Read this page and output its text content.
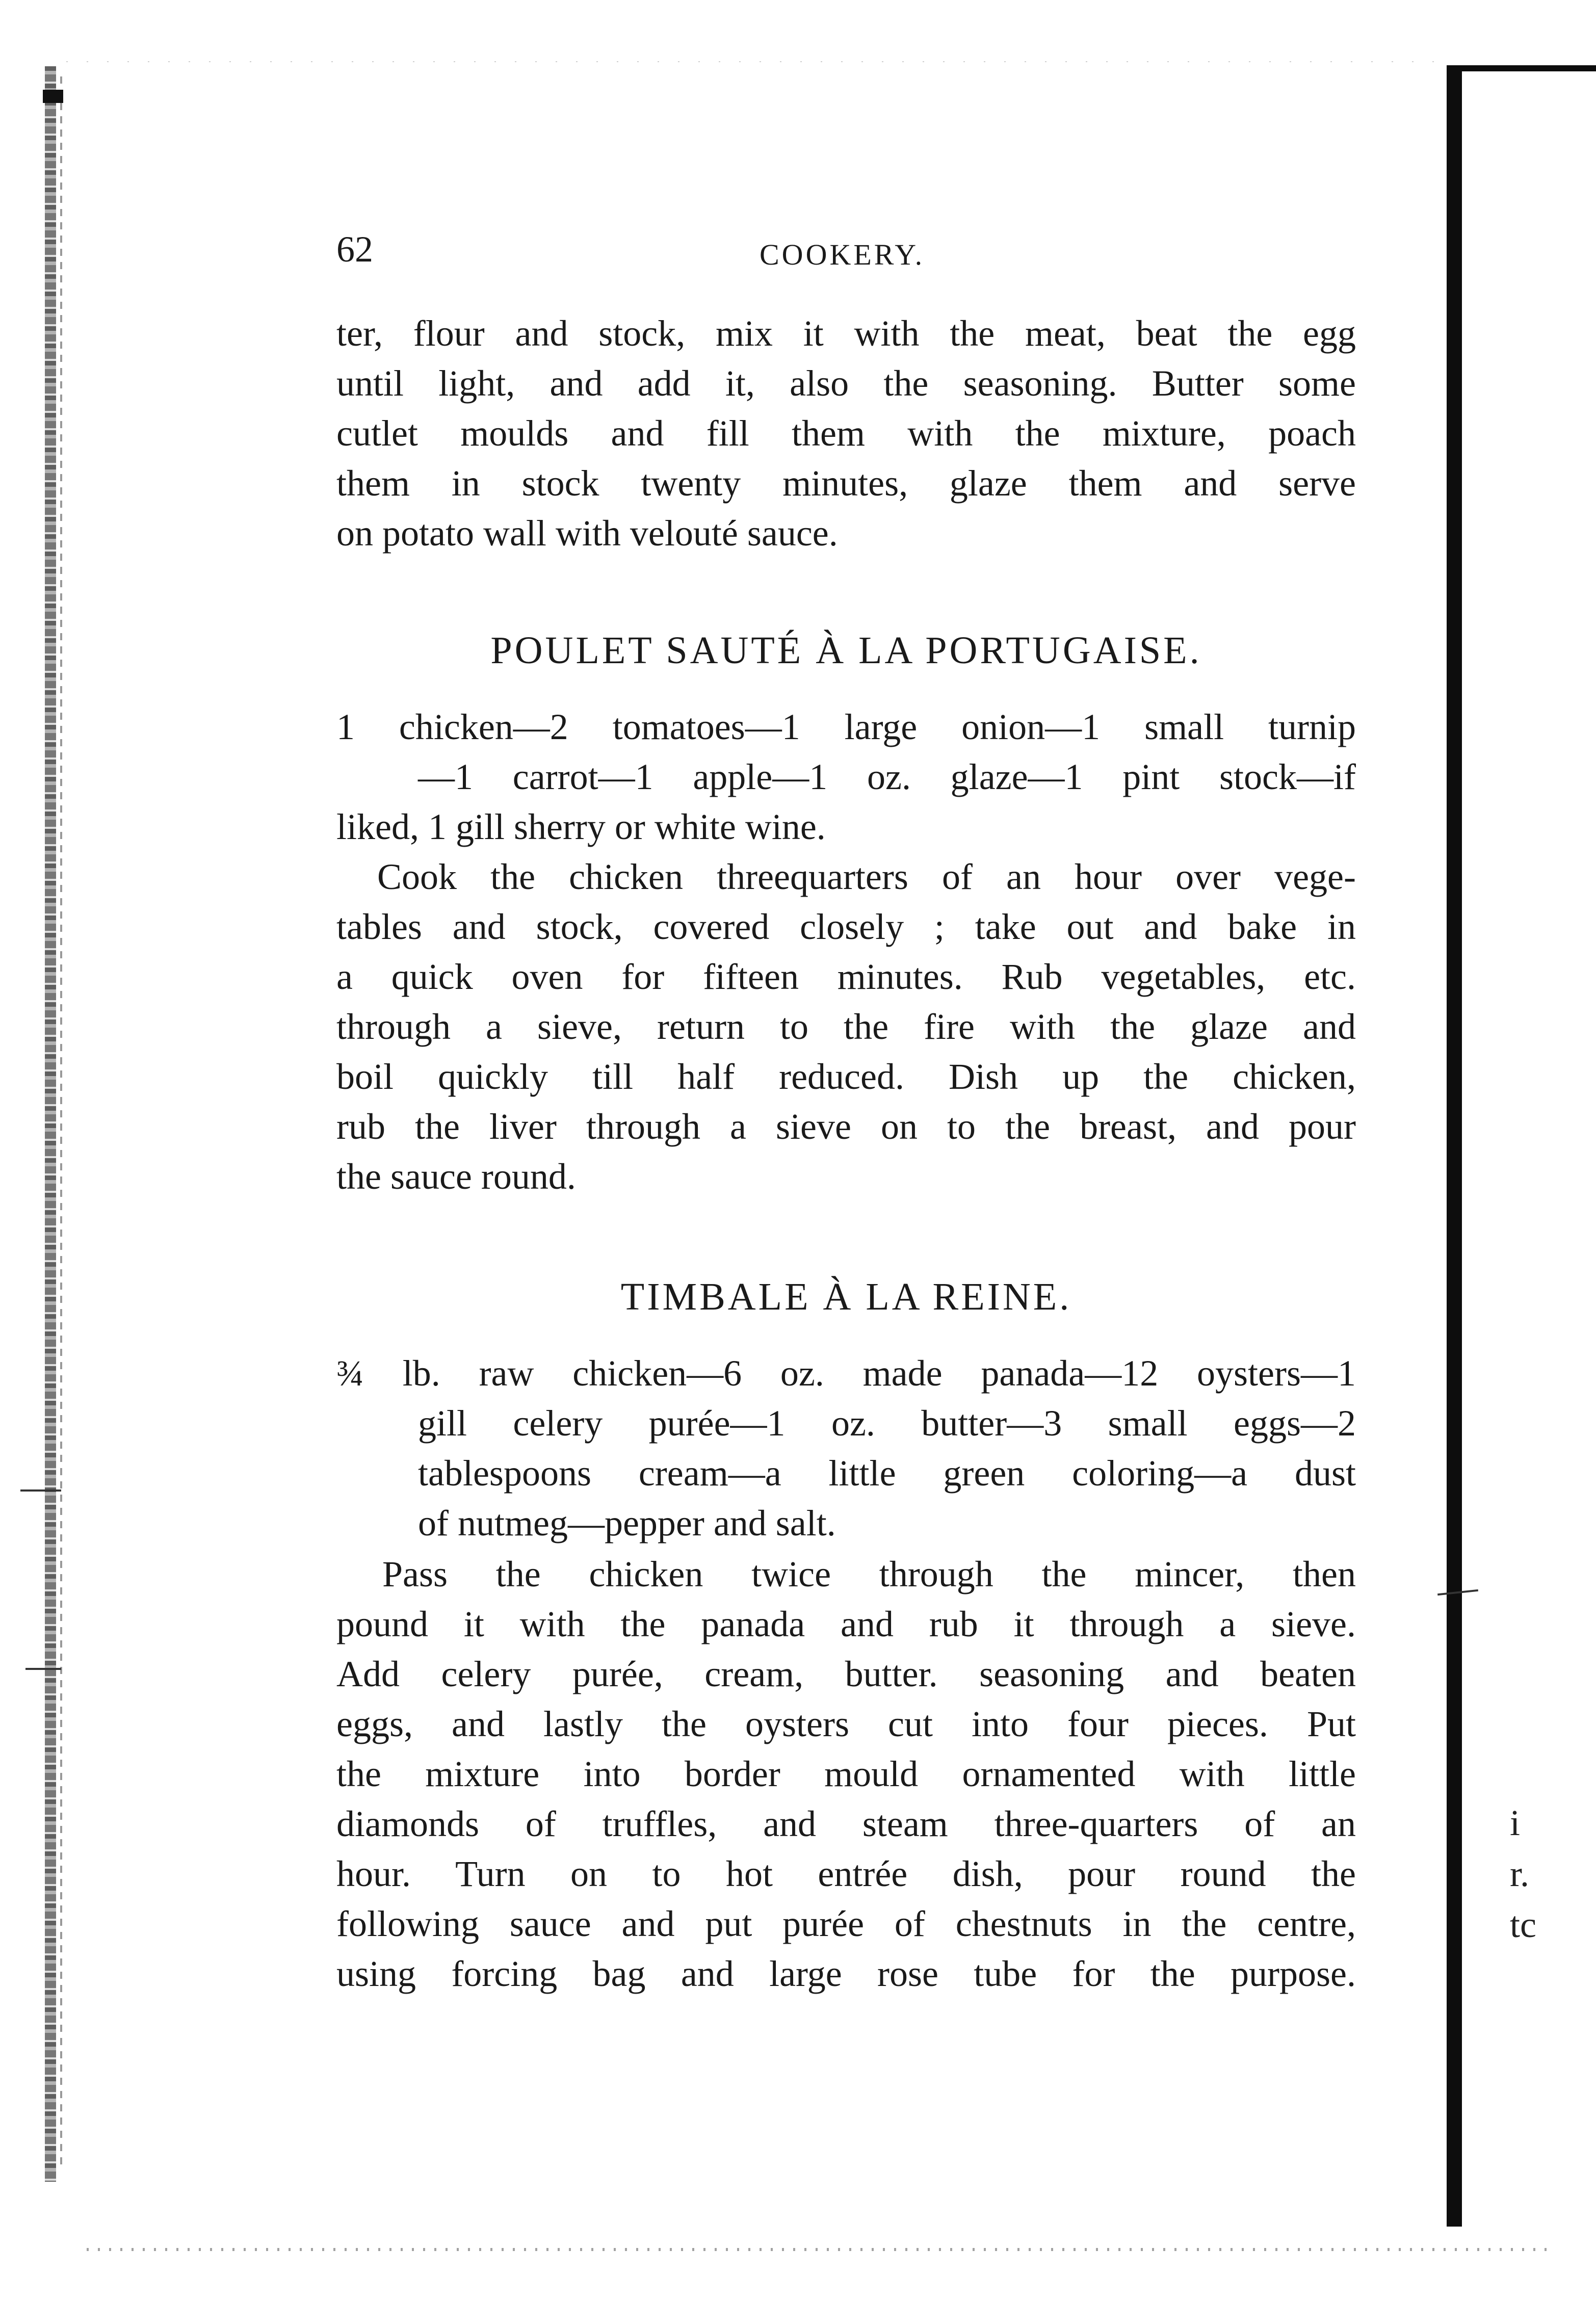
i
r.
tc
62	COOKERY.
ter, flour and stock, mix it with the meat, beat the egg
until light, and add it, also the seasoning. Butter some
cutlet moulds and fill them with the mixture, poach
them in stock twenty minutes, glaze them and serve
on potato wall with velouté sauce.
POULET SAUTÉ À LA PORTUGAISE.
1 chicken—2 tomatoes—1 large onion—1 small turnip
—1 carrot—1 apple—1 oz. glaze—1 pint stock—if
liked, 1 gill sherry or white wine.
Cook the chicken threequarters of an hour over vege-
tables and stock, covered closely ; take out and bake in
a quick oven for fifteen minutes. Rub vegetables, etc.
through a sieve, return to the fire with the glaze and
boil quickly till half reduced. Dish up the chicken,
rub the liver through a sieve on to the breast, and pour
the sauce round.
TIMBALE À LA REINE.
¾ lb. raw chicken—6 oz. made panada—12 oysters—1
gill celery purée—1 oz. butter—3 small eggs—2
tablespoons cream—a little green coloring—a dust
of nutmeg—pepper and salt.
Pass the chicken twice through the mincer, then
pound it with the panada and rub it through a sieve.
Add celery purée, cream, butter. seasoning and beaten
eggs, and lastly the oysters cut into four pieces. Put
the mixture into border mould ornamented with little
diamonds of truffles, and steam three-quarters of an
hour. Turn on to hot entrée dish, pour round the
following sauce and put purée of chestnuts in the centre,
using forcing bag and large rose tube for the purpose.
